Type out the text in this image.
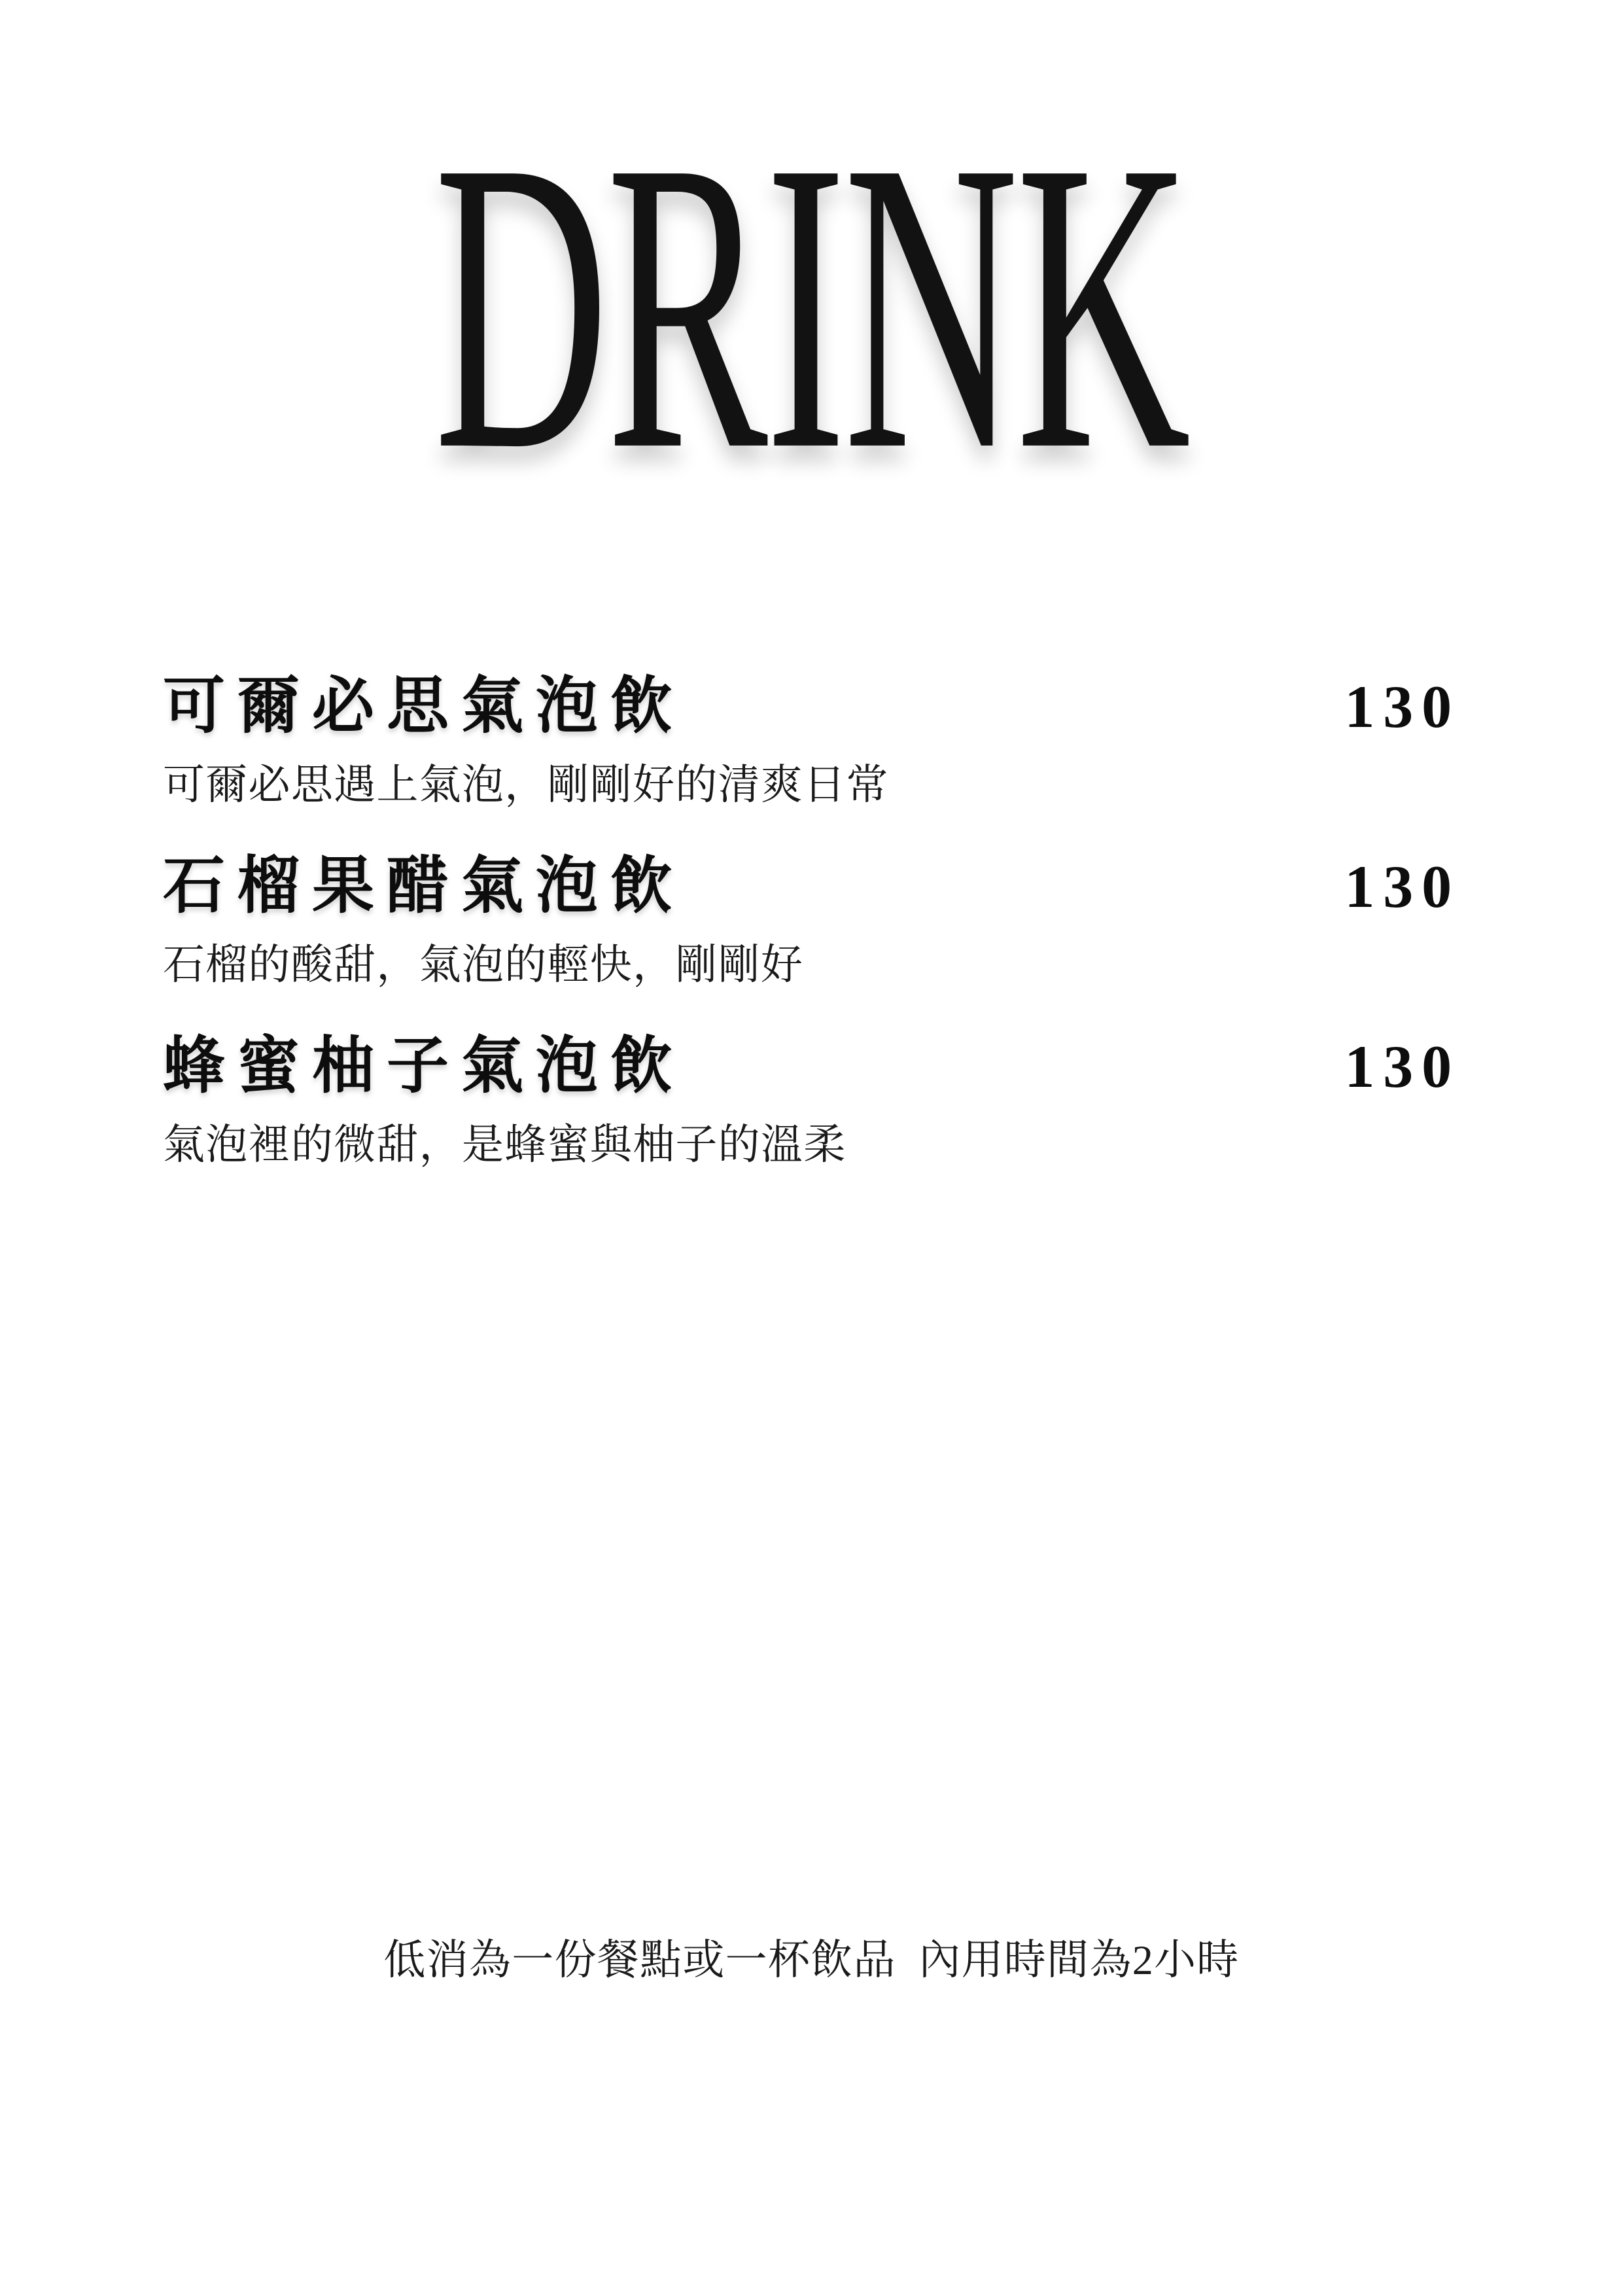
DRINK
可爾必思氣泡飲	130
可爾必思遇上氣泡，剛剛好的清爽日常
石榴果醋氣泡飲	130
石榴的酸甜，氣泡的輕快，剛剛好
蜂蜜柚子氣泡飲	130
氣泡裡的微甜，是蜂蜜與柚子的溫柔
低消為一份餐點或一杯飲品  內用時間為2小時
